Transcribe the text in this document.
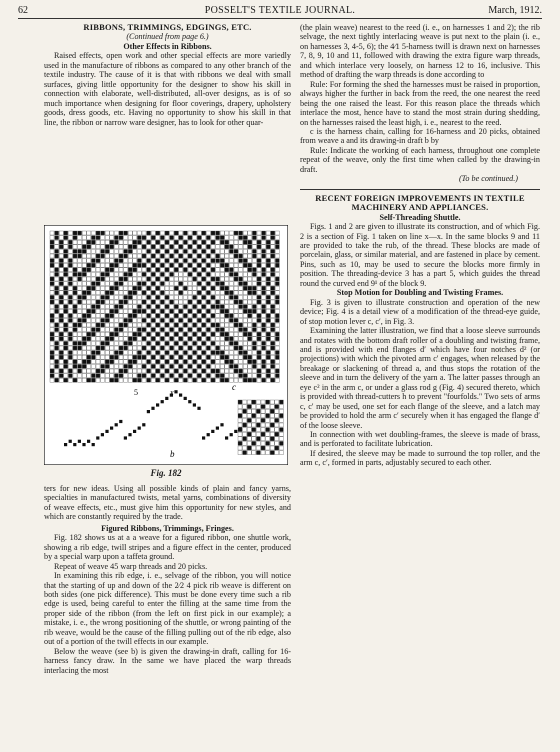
62	POSSELT'S TEXTILE JOURNAL.	March, 1912.
RIBBONS, TRIMMINGS, EDGINGS, ETC.
(Continued from page 6.)
Other Effects in Ribbons.

Raised effects, open work and other special effects are more variedly used in the manufacture of ribbons as compared to any other branch of the textile industry. The cause of it is that with ribbons we deal with small surfaces, giving little opportunity for the designer to show his skill in connection with elaborate, well-distributed, all-over designs, as is of so much importance when designing for floor coverings, drapery, upholstery goods, dress goods, etc. Having no opportunity to show his skill in that line, the ribbon or narrow ware designer, has to look for other quar-

b
c
5	x
Fig. 182

ters for new ideas. Using all possible kinds of plain and fancy yarns, specialties in manufactured twists, metal yarns, combinations of diversity of weave effects, etc., must give him this opportunity for new styles, and which are constantly required by the trade.

Figured Ribbons, Trimmings, Fringes.

Fig. 182 shows us at a a weave for a figured ribbon, one shuttle work, showing a rib edge, twill stripes and a figure effect in the center, produced by a special warp upon a taffeta ground.

Repeat of weave 45 warp threads and 20 picks.

In examining this rib edge, i. e., selvage of the ribbon, you will notice that the starting of up and down of the 2⁄2 4 pick rib weave is different on both sides (one pick difference). This must be done every time such a rib edge is used, being careful to enter the filling at the same time from the proper side of the ribbon (from the left on first pick in our example); a mistake, i. e., the wrong positioning of the shuttle, or wrong painting of the rib weave, would be the cause of the filling pulling out of the rib edge, also out of a portion of the twill effects in our example.

Below the weave (see b) is given the drawing-in draft, calling for 16-harness fancy draw. In the same we have placed the warp threads interlacing the most

(the plain weave) nearest to the reed (i. e., on harnesses 1 and 2); the rib selvage, the next tightly interlacing weave is put next to the plain (i. e., on harnesses 3, 4-5, 6); the 4⁄1 5-harness twill is drawn next on harnesses 7, 8, 9, 10 and 11, followed with drawing the extra figure warp threads, and which interlace very loosely, on harness 12 to 16, inclusive. This method of drafting the warp threads is done according to

Rule: For forming the shed the harnesses must be raised in proportion, always higher the further in back from the reed, the one nearest the reed being the one raised the least. For this reason place the threads which interlace the most, hence have to stand the most strain during shedding, on the harnesses raised the least high, i. e., nearest to the reed.

c is the harness chain, calling for 16-harness and 20 picks, obtained from weave a and its drawing-in draft b by

Rule: Indicate the working of each harness, throughout one complete repeat of the weave, only the first time when called by the drawing-in draft.

(To be continued.)
RECENT FOREIGN IMPROVEMENTS IN TEXTILE
MACHINERY AND APPLIANCES.
Self-Threading Shuttle.

Figs. 1 and 2 are given to illustrate its construction, and of which Fig. 2 is a section of Fig. 1 taken on line x—x. In the same blocks 9 and 11 are provided to take the rub, of the thread. These blocks are made of porcelain, glass, or similar material, and are fastened in place by cement. Pins, such as 10, may be used to secure the blocks more firmly in position. The threading-device 3 has a part 5, which guides the thread round the curved end 9¹ of the block 9.

Stop Motion for Doubling and Twisting Frames.

Fig. 3 is given to illustrate construction and operation of the new device; Fig. 4 is a detail view of a modification of the thread-eye guide, of stop motion lever c, c′, in Fig. 3.

Examining the latter illustration, we find that a loose sleeve surrounds and rotates with the bottom draft roller of a doubling and twisting frame, and is provided with end flanges d′ which have four notches d² (or projections) with which the pivoted arm c′ engages, when released by the breakage or slackening of thread a, and thus stops the rotation of the sleeve and in turn the delivery of the yarn a. The latter passes through an eye c² in the arm c, or under a glass rod g (Fig. 4) secured thereto, which is provided with thread-cutters h to prevent "fourfolds." Two sets of arms c, c′ may be used, one set for each flange of the sleeve, and a latch may be provided to hold the arm c′ securely when it has engaged the flange d′ of the loose sleeve.

In connection with wet doubling-frames, the sleeve is made of brass, and is perforated to facilitate lubrication.

If desired, the sleeve may be made to surround the top roller, and the arm c, c′, formed in parts, adjustably secured to each other.
